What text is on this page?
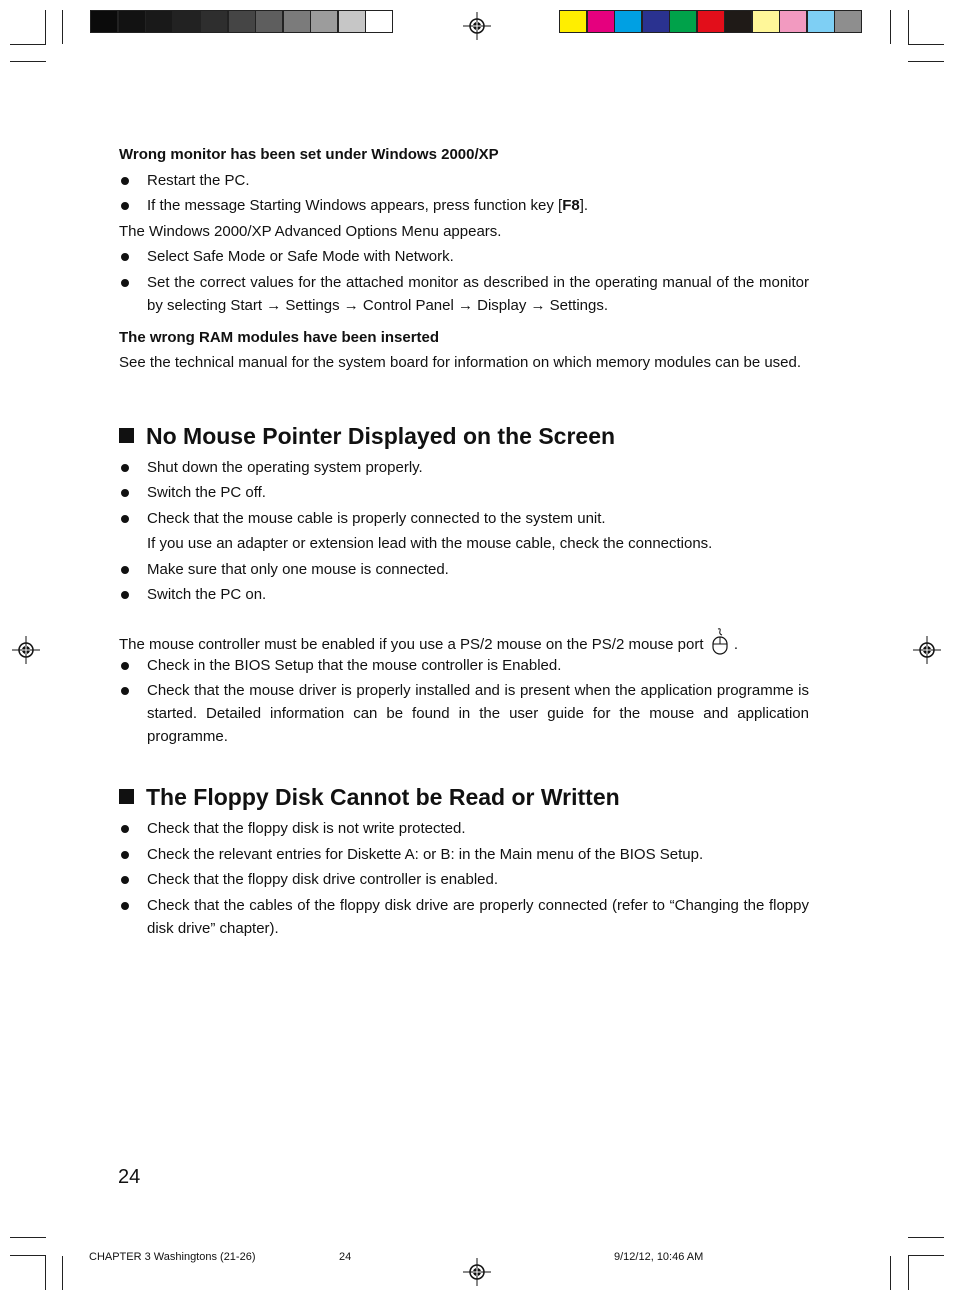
Wrong monitor has been set under Windows 2000/XP
Restart the PC.
If the message Starting Windows appears, press function key [F8].
The Windows 2000/XP Advanced Options Menu appears.
Select Safe Mode or Safe Mode with Network.
Set the correct values for the attached monitor as described in the operating manual of the monitor by selecting Start → Settings → Control Panel → Display → Settings.
The wrong RAM modules have been inserted
See the technical manual for the system board for information on which memory modules can be used.
No Mouse Pointer Displayed on the Screen
Shut down the operating system properly.
Switch the PC off.
Check that the mouse cable is properly connected to the system unit.
If you use an adapter or extension lead with the mouse cable, check the connections.
Make sure that only one mouse is connected.
Switch the PC on.
The mouse controller must be enabled if you use a PS/2 mouse on the PS/2 mouse port .
Check in the BIOS Setup that the mouse controller is Enabled.
Check that the mouse driver is properly installed and is present when the application programme is started. Detailed information can be found in the user guide for the mouse and application programme.
The Floppy Disk Cannot be Read or Written
Check that the floppy disk is not write protected.
Check the relevant entries for Diskette A: or B: in the Main menu of the BIOS Setup.
Check that the floppy disk drive controller is enabled.
Check that the cables of the floppy disk drive are properly connected (refer to “Changing the floppy disk drive” chapter).
24
CHAPTER 3 Washingtons (21-26)	24	9/12/12, 10:46 AM
